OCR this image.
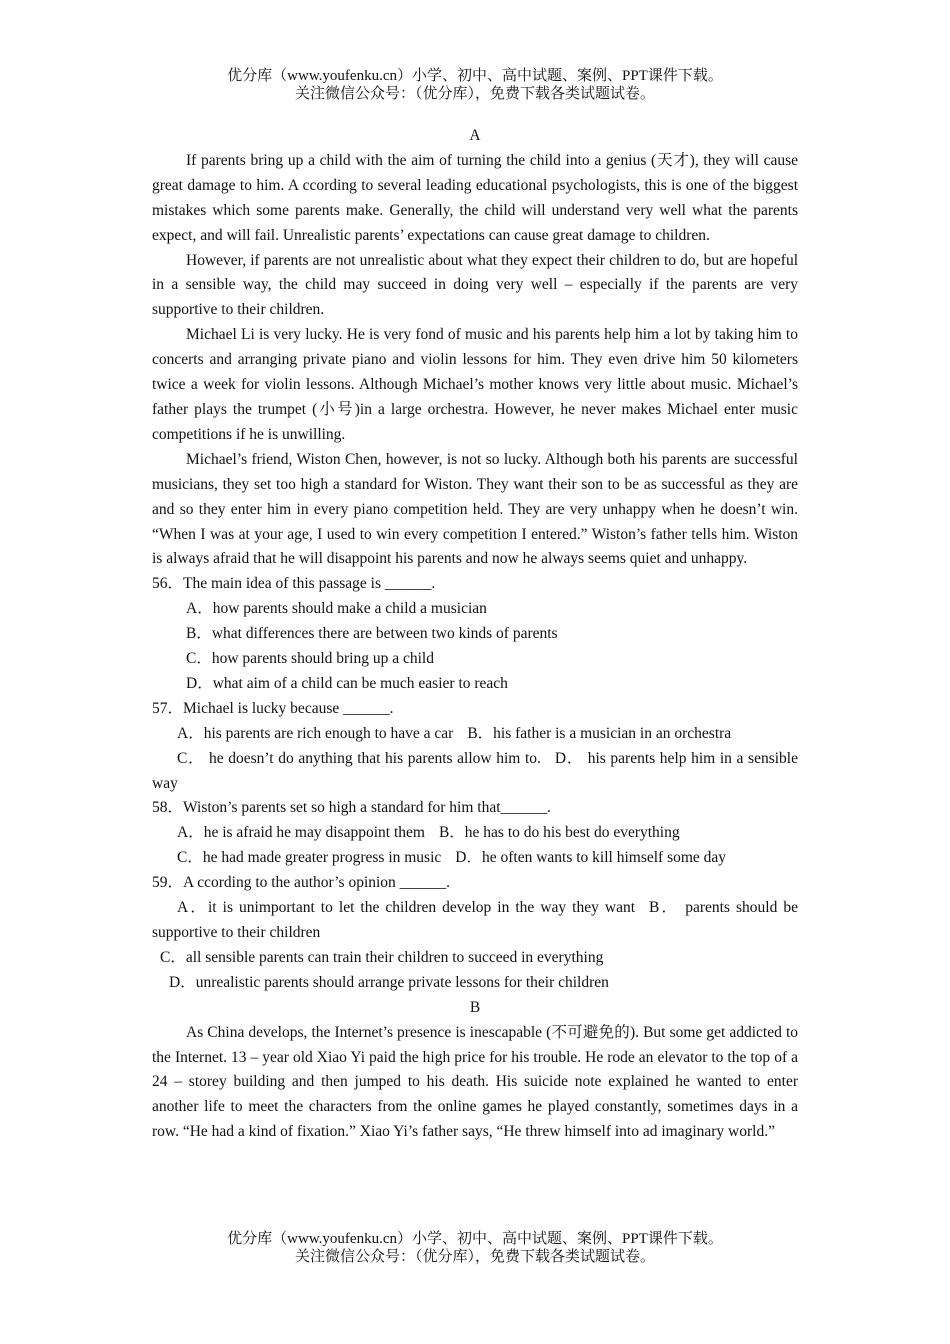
优分库（www.youfenku.cn）小学、初中、高中试题、案例、PPT课件下载。
关注微信公众号：（优分库），免费下载各类试题试卷。

A

If parents bring up a child with the aim of turning the child into a genius (天才), they will cause great damage to him. A ccording to several leading educational psychologists, this is one of the biggest mistakes which some parents make. Generally, the child will understand very well what the parents expect, and will fail. Unrealistic parents’ expectations can cause great damage to children.

However, if parents are not unrealistic about what they expect their children to do, but are hopeful in a sensible way, the child may succeed in doing very well – especially if the parents are very supportive to their children.

Michael Li is very lucky. He is very fond of music and his parents help him a lot by taking him to concerts and arranging private piano and violin lessons for him. They even drive him 50 kilometers twice a week for violin lessons. Although Michael’s mother knows very little about music. Michael’s father plays the trumpet (小号)in a large orchestra. However, he never makes Michael enter music competitions if he is unwilling.

Michael’s friend, Wiston Chen, however, is not so lucky. Although both his parents are successful musicians, they set too high a standard for Wiston. They want their son to be as successful as they are and so they enter him in every piano competition held. They are very unhappy when he doesn’t win. “When I was at your age, I used to win every competition I entered.” Wiston’s father tells him. Wiston is always afraid that he will disappoint his parents and now he always seems quiet and unhappy.

56．The main idea of this passage is ______.

A．how parents should make a child a musician

B．what differences there are between two kinds of parents

C．how parents should bring up a child

D．what aim of a child can be much easier to reach

57．Michael is lucky because ______.

A．his parents are rich enough to have a car B．his father is a musician in an orchestra

C． he doesn’t do anything that his parents allow him to. D． his parents help him in a sensible way

58．Wiston’s parents set so high a standard for him that______.

A．he is afraid he may disappoint them B．he has to do his best do everything

C．he had made greater progress in music D．he often wants to kill himself some day

59．A ccording to the author’s opinion ______.

A．it is unimportant to let the children develop in the way they want B． parents should be supportive to their children

C．all sensible parents can train their children to succeed in everything

D．unrealistic parents should arrange private lessons for their children

B

As China develops, the Internet’s presence is inescapable (不可避免的). But some get addicted to the Internet. 13 – year old Xiao Yi paid the high price for his trouble. He rode an elevator to the top of a 24 – storey building and then jumped to his death. His suicide note explained he wanted to enter another life to meet the characters from the online games he played constantly, sometimes days in a row. “He had a kind of fixation.” Xiao Yi’s father says, “He threw himself into ad imaginary world.”

优分库（www.youfenku.cn）小学、初中、高中试题、案例、PPT课件下载。
关注微信公众号：（优分库），免费下载各类试题试卷。
